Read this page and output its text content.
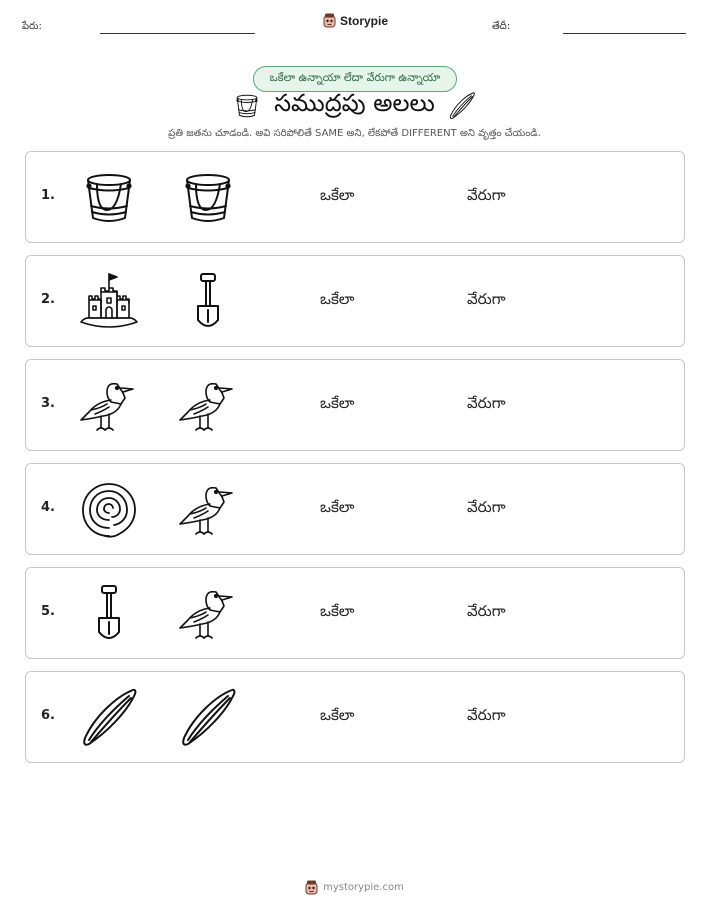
పేరు:	Storypie	తేదీ:
ఒకేలా ఉన్నాయా లేదా వేరుగా ఉన్నాయా
సముద్రపు అలలు
ప్రతి జతను చూడండి. అవి సరిపోలితే SAME అని, లేకపోతే DIFFERENT అని వృత్తం చేయండి.
1.	ఒకేలా	వేరుగా
2.	ఒకేలా	వేరుగా
3.	ఒకేలా	వేరుగా
4.	ఒకేలా	వేరుగా
5.	ఒకేలా	వేరుగా
6.	ఒకేలా	వేరుగా
mystorypie.com
